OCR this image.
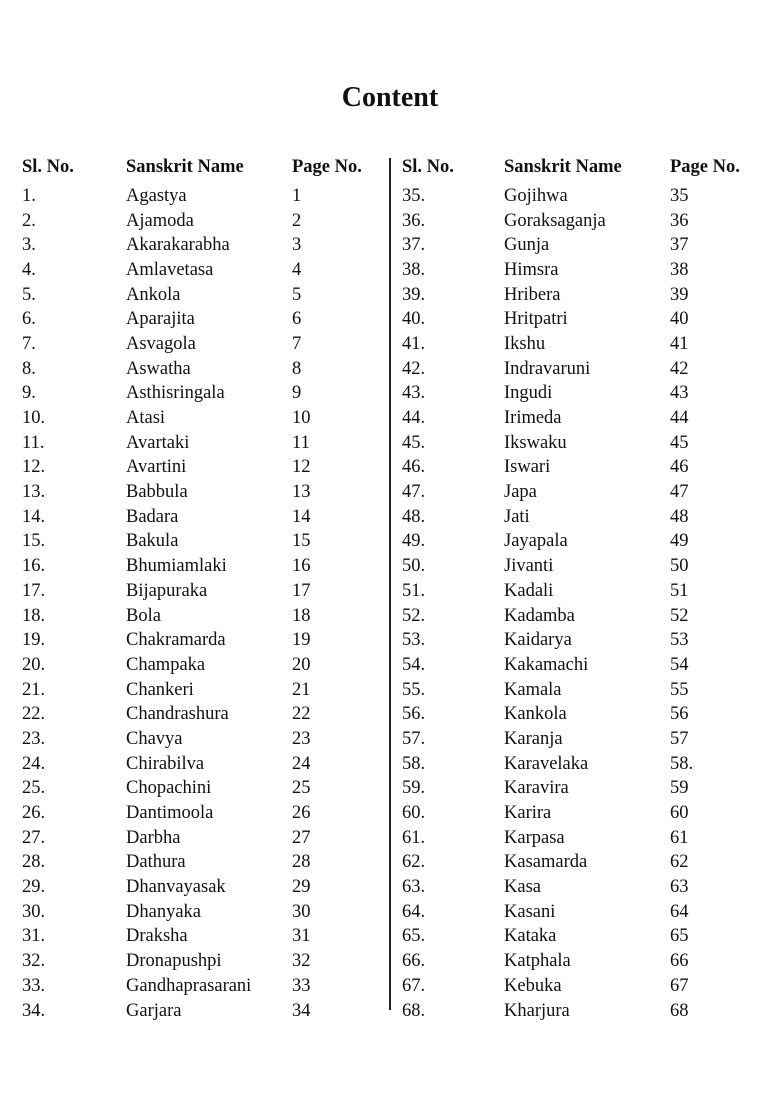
Content
Sl. No.	Sanskrit Name	Page No.
1.	Agastya	1
2.	Ajamoda	2
3.	Akarakarabha	3
4.	Amlavetasa	4
5.	Ankola	5
6.	Aparajita	6
7.	Asvagola	7
8.	Aswatha	8
9.	Asthisringala	9
10.	Atasi	10
11.	Avartaki	11
12.	Avartini	12
13.	Babbula	13
14.	Badara	14
15.	Bakula	15
16.	Bhumiamlaki	16
17.	Bijapuraka	17
18.	Bola	18
19.	Chakramarda	19
20.	Champaka	20
21.	Chankeri	21
22.	Chandrashura	22
23.	Chavya	23
24.	Chirabilva	24
25.	Chopachini	25
26.	Dantimoola	26
27.	Darbha	27
28.	Dathura	28
29.	Dhanvayasak	29
30.	Dhanyaka	30
31.	Draksha	31
32.	Dronapushpi	32
33.	Gandhaprasarani	33
34.	Garjara	34
Sl. No.	Sanskrit Name	Page No.
35.	Gojihwa	35
36.	Goraksaganja	36
37.	Gunja	37
38.	Himsra	38
39.	Hribera	39
40.	Hritpatri	40
41.	Ikshu	41
42.	Indravaruni	42
43.	Ingudi	43
44.	Irimeda	44
45.	Ikswaku	45
46.	Iswari	46
47.	Japa	47
48.	Jati	48
49.	Jayapala	49
50.	Jivanti	50
51.	Kadali	51
52.	Kadamba	52
53.	Kaidarya	53
54.	Kakamachi	54
55.	Kamala	55
56.	Kankola	56
57.	Karanja	57
58.	Karavelaka	58.
59.	Karavira	59
60.	Karira	60
61.	Karpasa	61
62.	Kasamarda	62
63.	Kasa	63
64.	Kasani	64
65.	Kataka	65
66.	Katphala	66
67.	Kebuka	67
68.	Kharjura	68
